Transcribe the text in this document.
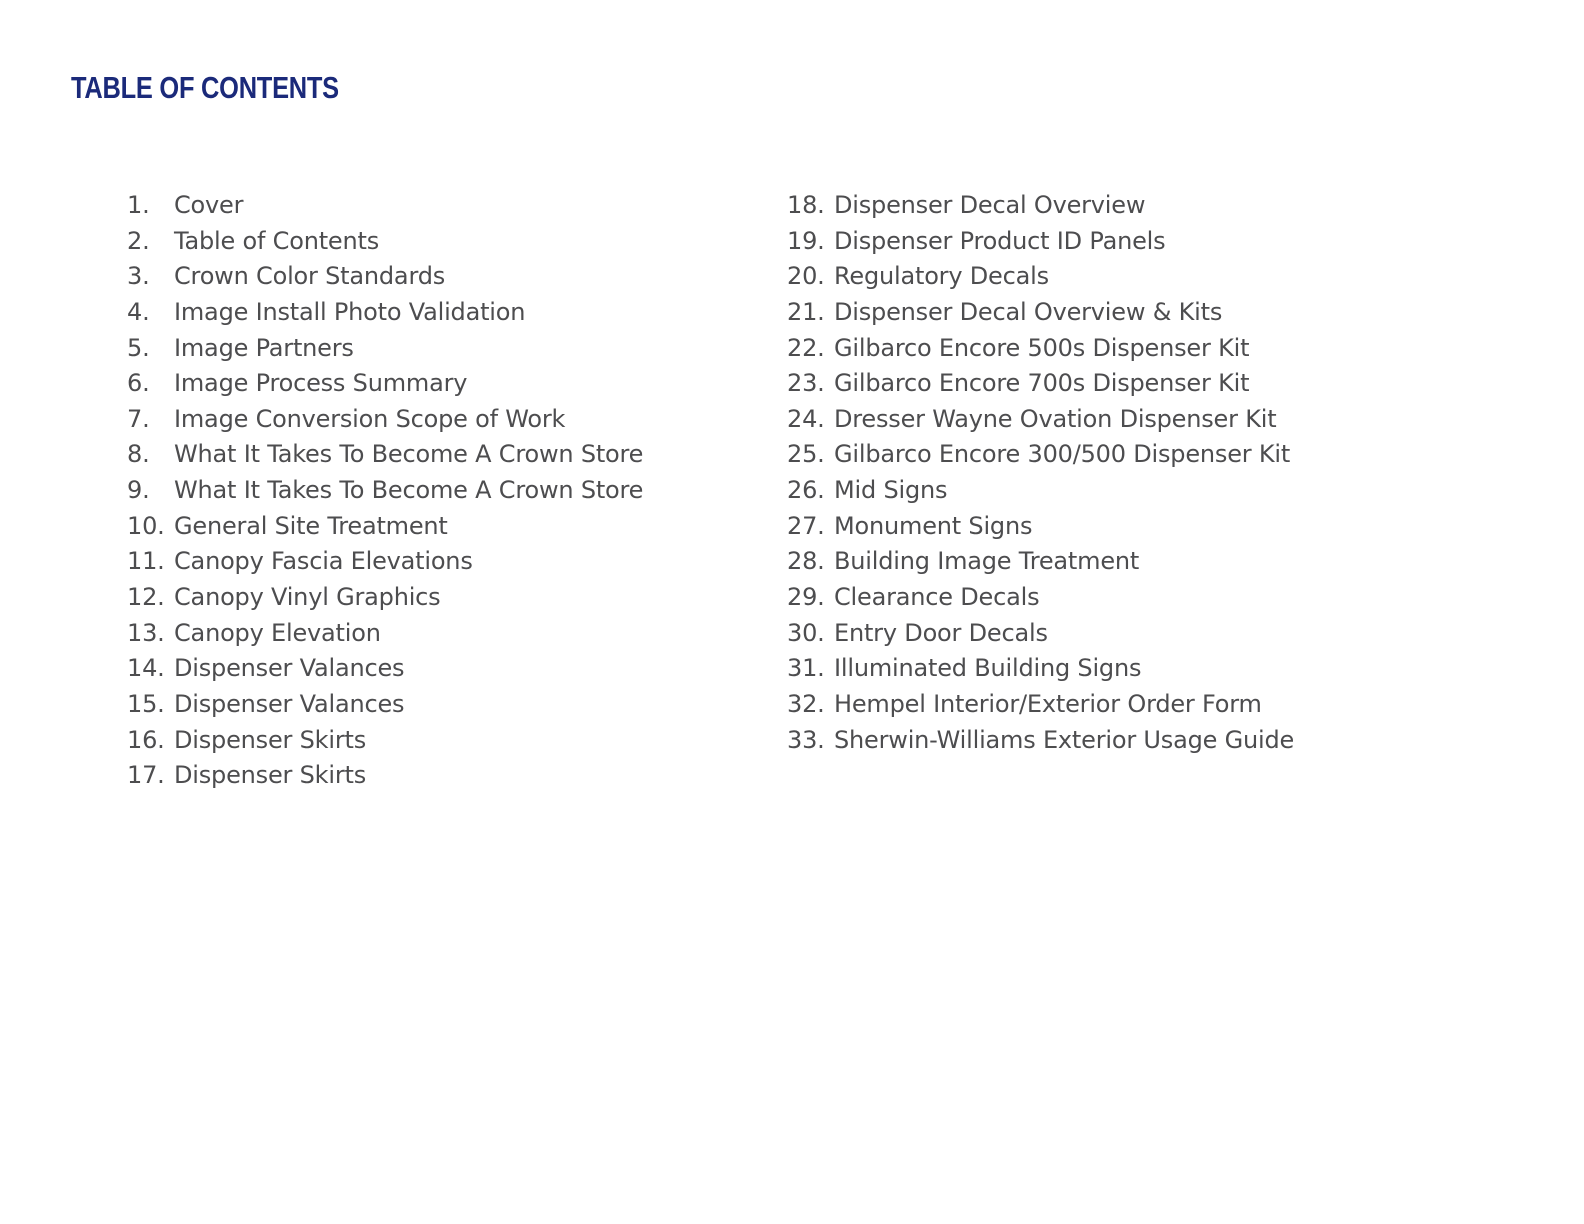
TABLE OF CONTENTS
1.	Cover
2.	Table of Contents
3.	Crown Color Standards
4.	Image Install Photo Validation
5.	Image Partners
6.	Image Process Summary
7.	Image Conversion Scope of Work
8.	What It Takes To Become A Crown Store
9.	What It Takes To Become A Crown Store
10. General Site Treatment
11. Canopy Fascia Elevations
12. Canopy Vinyl Graphics
13. Canopy Elevation
14. Dispenser Valances
15. Dispenser Valances
16. Dispenser Skirts
17. Dispenser Skirts
18. Dispenser Decal Overview
19. Dispenser Product ID Panels
20. Regulatory Decals
21. Dispenser Decal Overview & Kits
22. Gilbarco Encore 500s Dispenser Kit
23. Gilbarco Encore 700s Dispenser Kit
24. Dresser Wayne Ovation Dispenser Kit
25. Gilbarco Encore 300/500 Dispenser Kit
26. Mid Signs
27. Monument Signs
28. Building Image Treatment
29. Clearance Decals
30. Entry Door Decals
31. Illuminated Building Signs
32. Hempel Interior/Exterior Order Form
33. Sherwin-Williams Exterior Usage Guide
